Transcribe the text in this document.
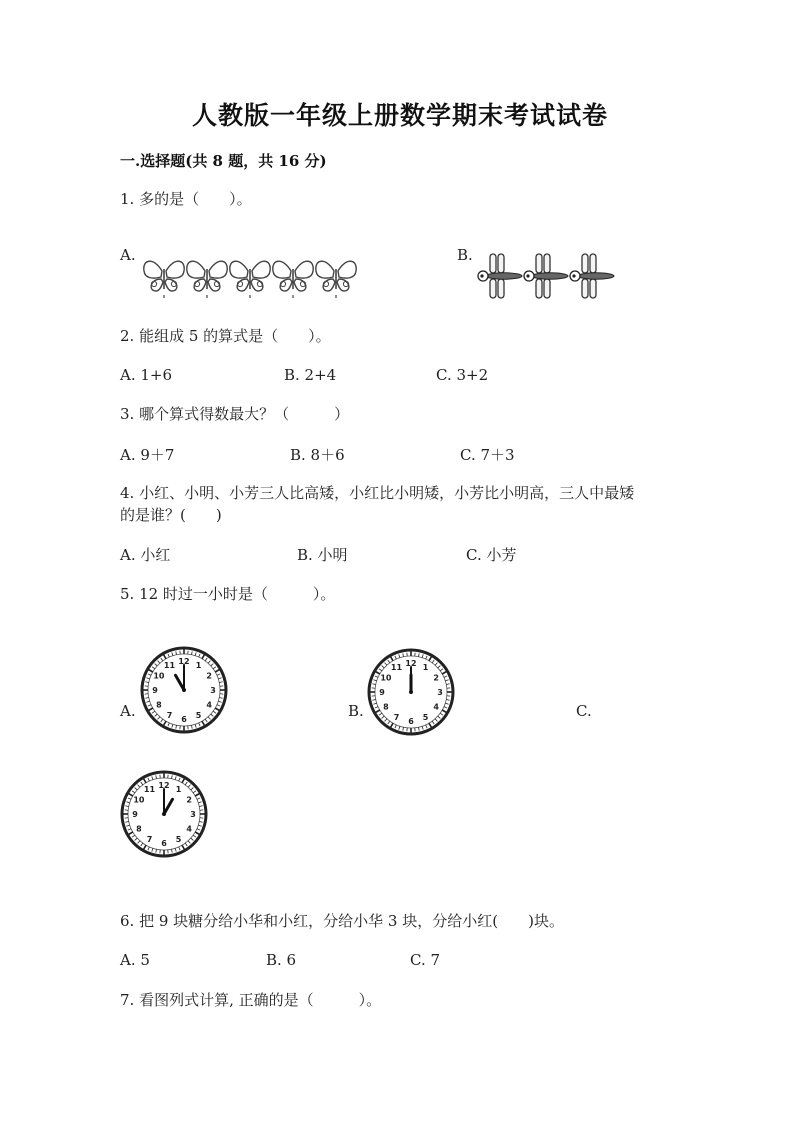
人教版一年级上册数学期末考试试卷
一.选择题(共 8 题，共 16 分)
1. 多的是（　　）。
A.	B.
2. 能组成 5 的算式是（　　）。
A. 1+6	B. 2+4	C. 3+2
3. 哪个算式得数最大？（　　　）
A. 9＋7	B. 8＋6	C. 7＋3
4. 小红、小明、小芳三人比高矮，小红比小明矮，小芳比小明高，三人中最矮
的是谁？(　　)
A. 小红	B. 小明	C. 小芳
5. 12 时过一小时是（　　　）。
A.
1
2
3
4
5
6
7
8
9
10
11 12
B.
1
2
3
4
5
6
7
8
9
10
11 12
C.
1
2
3
4
5
6
7
8
9
10
11 12
6. 把 9 块糖分给小华和小红，分给小华 3 块，分给小红(　　)块。
A. 5	B. 6	C. 7
7. 看图列式计算, 正确的是（　　　）。
